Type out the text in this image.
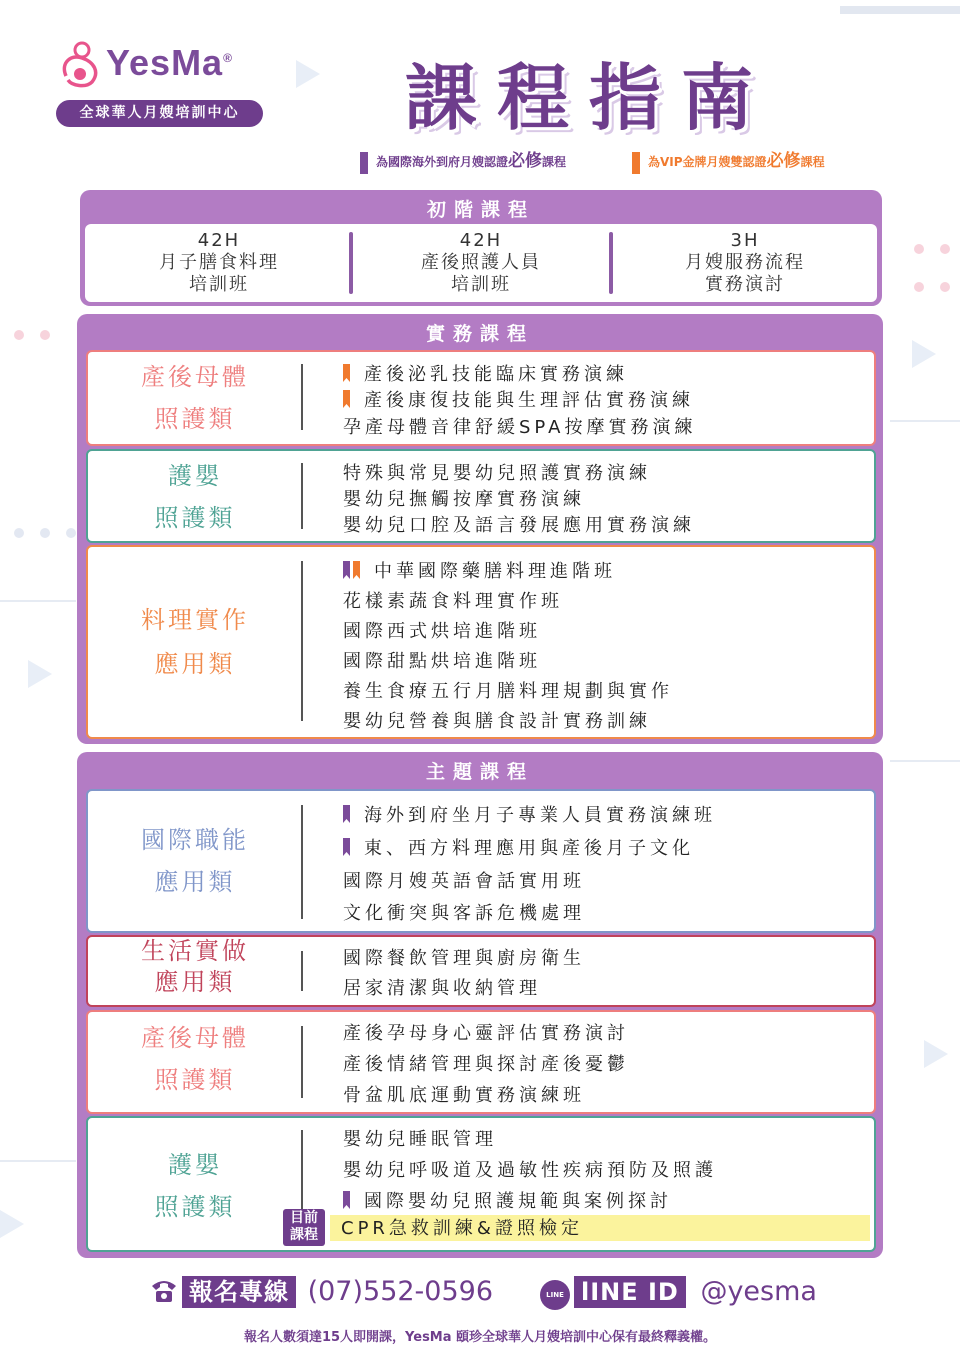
YesMa®
全球華人月嫂培訓中心	課程指南
為國際海外到府月嫂認證必修課程	為VIP金牌月嫂雙認證必修課程
初階課程
42H
月子膳食料理
培訓班
42H
產後照護人員
培訓班
3H
月嫂服務流程
實務演討
實務課程
產後母體
照護類
產後泌乳技能臨床實務演練
產後康復技能與生理評估實務演練
孕產母體音律舒緩SPA按摩實務演練
護嬰
照護類
特殊與常見嬰幼兒照護實務演練
嬰幼兒撫觸按摩實務演練
嬰幼兒口腔及語言發展應用實務演練
料理實作
應用類
中華國際藥膳料理進階班
花樣素蔬食料理實作班
國際西式烘培進階班
國際甜點烘培進階班
養生食療五行月膳料理規劃與實作
嬰幼兒營養與膳食設計實務訓練
主題課程
國際職能
應用類
海外到府坐月子專業人員實務演練班
東、西方料理應用與產後月子文化
國際月嫂英語會話實用班
文化衝突與客訴危機處理
生活實做
應用類
國際餐飲管理與廚房衛生
居家清潔與收納管理
產後母體
照護類
產後孕母身心靈評估實務演討
產後情緒管理與探討產後憂鬱
骨盆肌底運動實務演練班
護嬰
照護類
嬰幼兒睡眠管理
嬰幼兒呼吸道及過敏性疾病預防及照護
國際嬰幼兒照護規範與案例探討
CPR急救訓練&證照檢定
目前
課程
報名專線 (07)552-0596	LINE lINE ID @yesma
報名人數須達15人即開課，YesMa 頤珍全球華人月嫂培訓中心保有最終釋義權。
